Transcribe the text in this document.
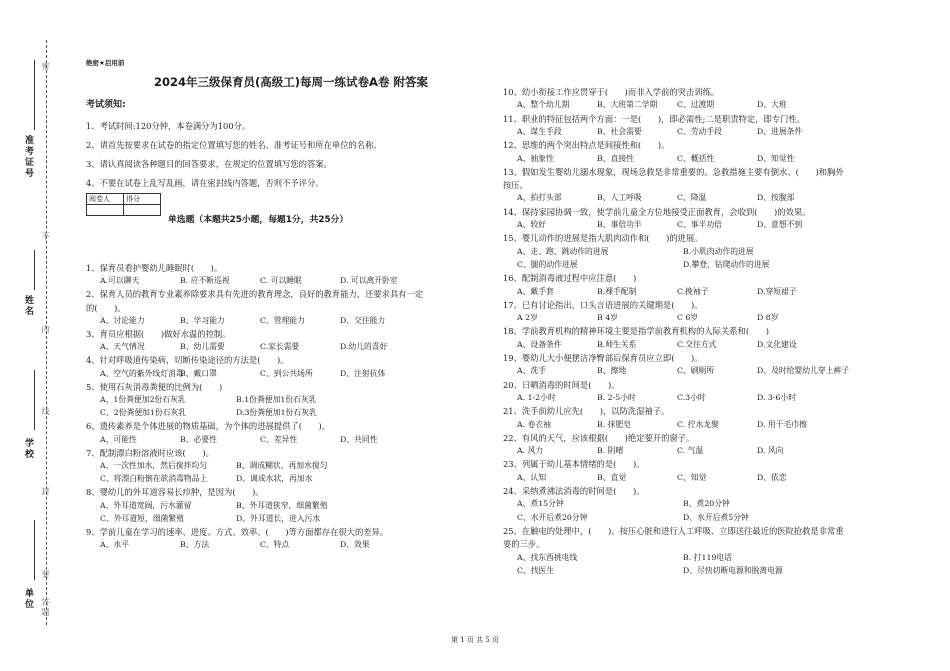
准考证号
姓名
学校
单位
密
封
线
内
不
要
答
题
绝密★启用前
2024年三级保育员(高级工)每周一练试卷A卷 附答案
考试须知:
1、考试时间:120分钟，本卷满分为100分。
2、请首先按要求在试卷的指定位置填写您的姓名、准考证号和所在单位的名称。
3、请认真阅读各种题目的回答要求，在规定的位置填写您的答案。
4、不要在试卷上乱写乱画，请在密封线内答题，否则不予评分。
阅卷人	得分

单选题（本题共25小题，每题1分，共25分）
1、保育员看护婴幼儿睡眠时(　　)。
A.可以聊天	B. 应不断巡视	C. 可以睡眠	D. 可以离开卧室
2、保育人员的教育专业素养除要求具有先进的教育理念，良好的教育能力，还要求具有一定
的(　　)。
A、讨论能力	B、学习能力	C、管理能力	D、交往能力
3、育员应根据(　　)做好水温的控制。
A、天气情况	B、幼儿需要	C.家长需要	D.幼儿的喜好
4、针对呼吸道传染病，切断传染途径的方法是(　　)。
A、空气的紫外线灯消毒
B、戴口罩	C、到公共场所	D、注射抗体
5、使用石灰消毒粪便的比例为(　　)
A、1份粪便加2份石灰乳	B.1份粪便加1份石灰乳
C、2份粪便加1份石灰乳	D.3份粪便加1份石灰乳
6、遗传素养是个体进展的物质基础，为个体的进展提供了(　　)。
A、可能性	B、必要性	C、差异性	D、共同性
7、配制漂白粉溶液时应该(　　)。
A、一次性加水，然后搅拌均匀	B、调成糊状，再加水搅匀
C、将漂白粉倒在欲消毒物品上	D、调成水状，再加水
8、婴幼儿的外耳道容易长疖肿，是因为(　　)。
A、外耳道宽阔，污水灌留	B、外耳道狭窄，细菌繁殖
C、外耳道短，细菌繁殖	D、外耳道长，进入污水
9、学前儿童在学习的速率、进度、方式、效率、(　　)等方面都存在很大的差异。
A、水平	B、方法	C、特点	D、效果
10、幼小衔接工作应贯穿于(　　)而非入学前的突击训练。
A、整个幼儿期	B、大班第二学期	C、过渡期	D、大班
11、职业的特征包括两个方面：一是(　　)，即必需性;二是职责特定，即专门性。
A、谋生手段	B、社会需要	C、劳动手段	D、进展条件
12、思维的两个突出特点是间接性和(　　)。
A、抽象性	B、直接性	C、概括性	D、知觉性
13、假如发生婴幼儿溺水现象，现场急救是非常重要的。急救措施主要有倒水、(　　)和胸外
按压。
A、拍打头部	B、人工呼吸	C、降温	D、按腹部
14、保持家园协调一致，使学前儿童全方位地接受正面教育，会收到(　　)的效果。
A、较好	B、事倍功半	C、事半功倍	D、意想不到
15、婴儿动作的进展是指大肌肉动作和(　　)的进展。
A、走、跑、跳动作的进展	B.小肌肉动作的进展
C、腿的动作进展	D.攀登，钻爬动作的进展
16、配制消毒液过程中应注意(　　)
A、戴手套	B.裸手配制	C.挽袖子	D.穿短裙子
17、已有讨论指出，口头言语进展的关键期是(　　)。
A 2岁	B 4岁	C 6岁	D 8岁
18、学前教育机构的精神环境主要是指学前教育机构的人际关系和(　　)
A、设备条件	B.师生关系	C.交往方式	D.文化建设
19、婴幼儿大小便摆洁净臀部后保育员应立即(　　)。
A、洗手	B、擦地	C、刷厕所	D、及时给婴幼儿穿上裤子
20、日晒消毒的时间是(　　)。
A. 1-2小时	B. 2-5小时	C.3小时	D. 3-6小时
21、洗手前幼儿应先(　　)，以防洗湿袖子。
A. 卷衣袖	B. 抹肥皂	C. 拧水龙聚	D. 用干毛巾擦
22、有风的天气，应该根据(　　)绝定要开的窗子。
A. 风力	B. 阴晴	C. 气温	D. 风向
23、列属于幼儿基本情绪的是(　　)。
A、认知	B、直觉	C、知觉	D、依恋
24、采纳煮沸法消毒的时间是(　　)。
A、煮15分钟	B、煮20分钟
C、水开后煮20分钟	D、水开后煮5分钟
25、在触电的处理中，(　　)、按压心脏和进行人工呼吸、立即送往最近的医院抢救是非常重
要的三步。
A、找东西挑电线	B. 打119电话
C、找医生	D、尽快切断电源和脱离电源
第 1 页 共 5 页
